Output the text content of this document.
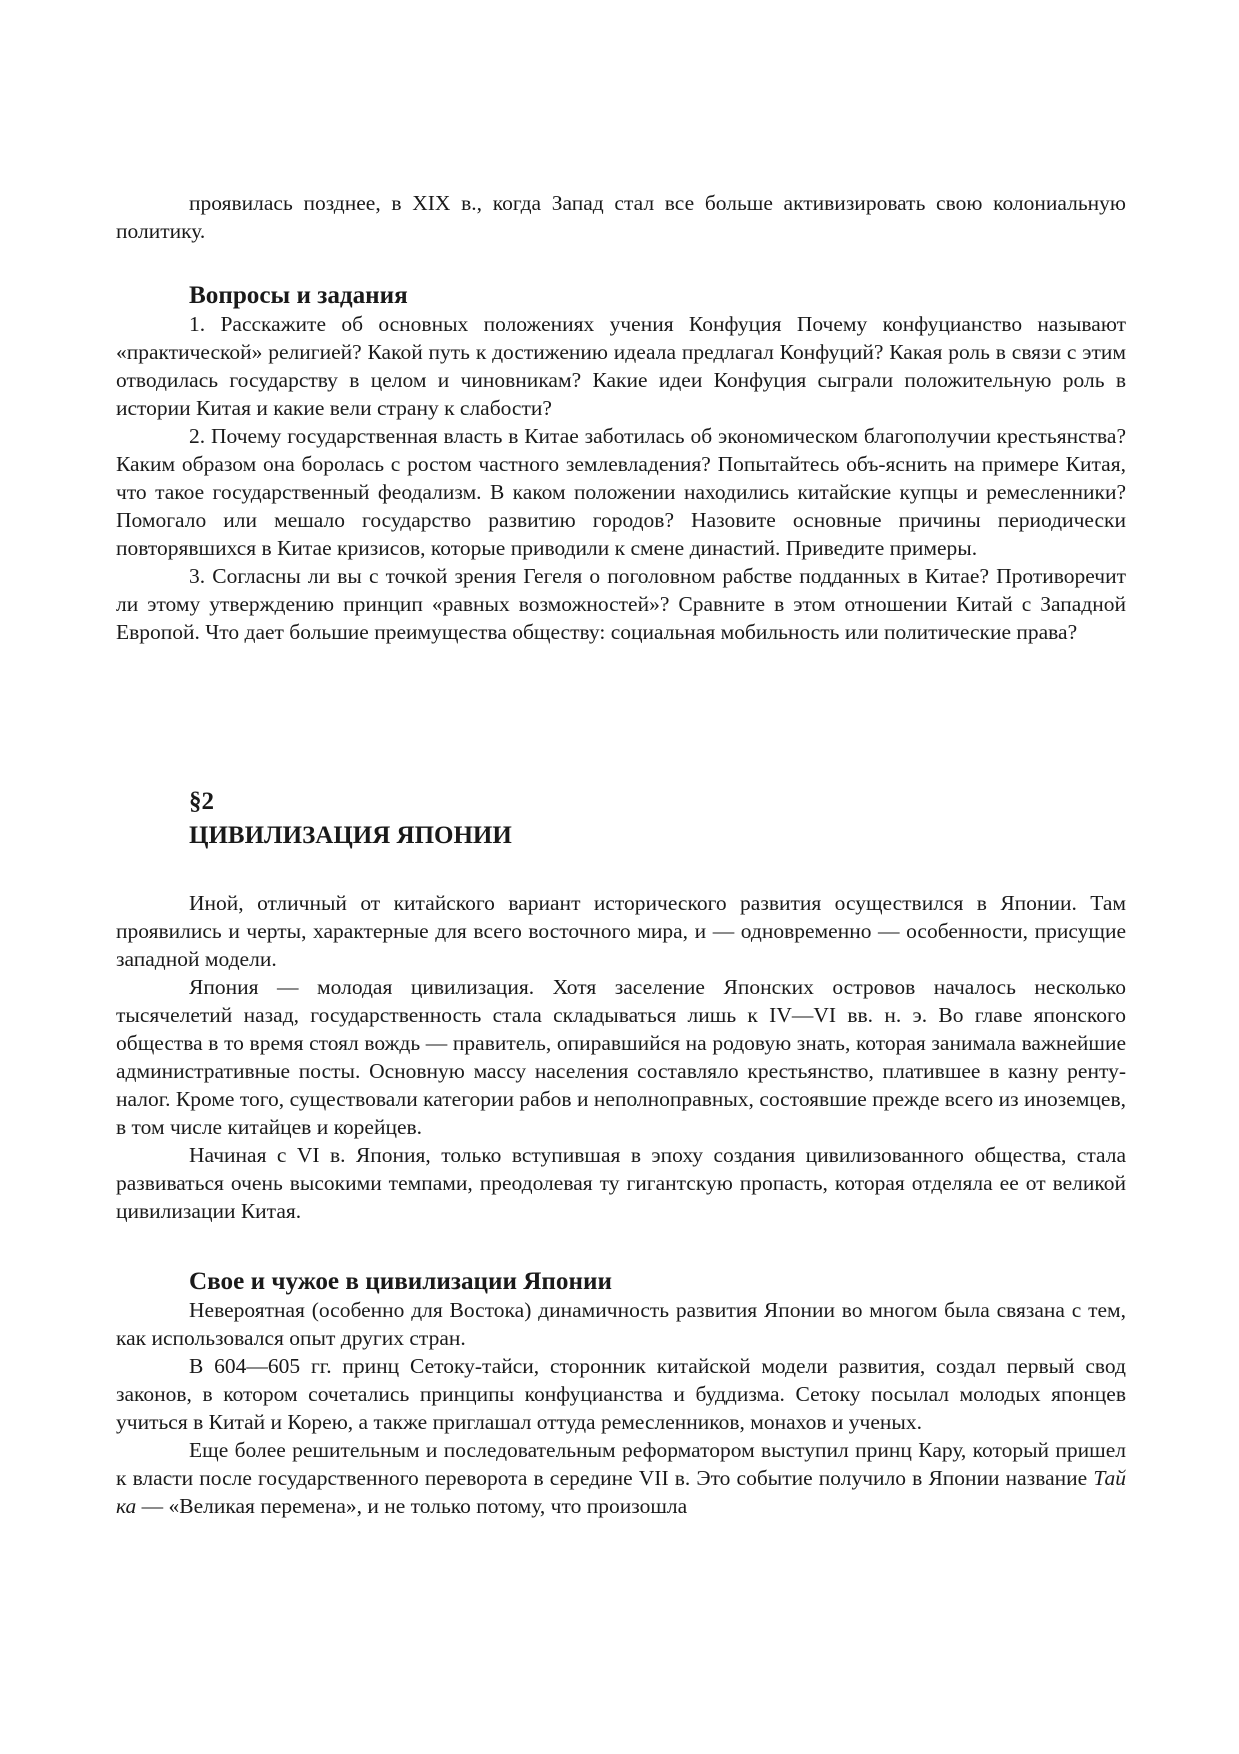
проявилась позднее, в XIX в., когда Запад стал все больше активизировать свою колониальную политику.

Вопросы и задания

1. Расскажите об основных положениях учения Конфуция Почему конфуцианство называют «практической» религией? Какой путь к достижению идеала предлагал Конфуций? Какая роль в связи с этим отводилась государству в целом и чиновникам? Какие идеи Конфуция сыграли положительную роль в истории Китая и какие вели страну к слабости?

2. Почему государственная власть в Китае заботилась об экономическом благополучии крестьянства? Каким образом она боролась с ростом частного землевладения? Попытайтесь объ-яснить на примере Китая, что такое государственный феодализм. В каком положении находились китайские купцы и ремесленники? Помогало или мешало государство развитию городов? Назовите основные причины периодически повторявшихся в Китае кризисов, которые приводили к смене династий. Приведите примеры.

3. Согласны ли вы с точкой зрения Гегеля о поголовном рабстве подданных в Китае? Противоречит ли этому утверждению принцип «равных возможностей»? Сравните в этом отношении Китай с Западной Европой. Что дает большие преимущества обществу: социальная мобильность или политические права?

§2
ЦИВИЛИЗАЦИЯ ЯПОНИИ

Иной, отличный от китайского вариант исторического развития осуществился в Японии. Там проявились и черты, характерные для всего восточного мира, и — одновременно — особенности, присущие западной модели.

Япония — молодая цивилизация. Хотя заселение Японских островов началось несколько тысячелетий назад, государственность стала складываться лишь к IV—VI вв. н. э. Во главе японского общества в то время стоял вождь — правитель, опиравшийся на родовую знать, которая занимала важнейшие административные посты. Основную массу населения составляло крестьянство, платившее в казну ренту-налог. Кроме того, существовали категории рабов и неполноправных, состоявшие прежде всего из иноземцев, в том числе китайцев и корейцев.

Начиная с VI в. Япония, только вступившая в эпоху создания цивилизованного общества, стала развиваться очень высокими темпами, преодолевая ту гигантскую пропасть, которая отделяла ее от великой цивилизации Китая.

Свое и чужое в цивилизации Японии

Невероятная (особенно для Востока) динамичность развития Японии во многом была связана с тем, как использовался опыт других стран.

В 604—605 гг. принц Сетоку-тайси, сторонник китайской модели развития, создал первый свод законов, в котором сочетались принципы конфуцианства и буддизма. Сетоку посылал молодых японцев учиться в Китай и Корею, а также приглашал оттуда ремесленников, монахов и ученых.

Еще более решительным и последовательным реформатором выступил принц Кару, который пришел к власти после государственного переворота в середине VII в. Это событие получило в Японии название Тай ка — «Великая перемена», и не только потому, что произошла
